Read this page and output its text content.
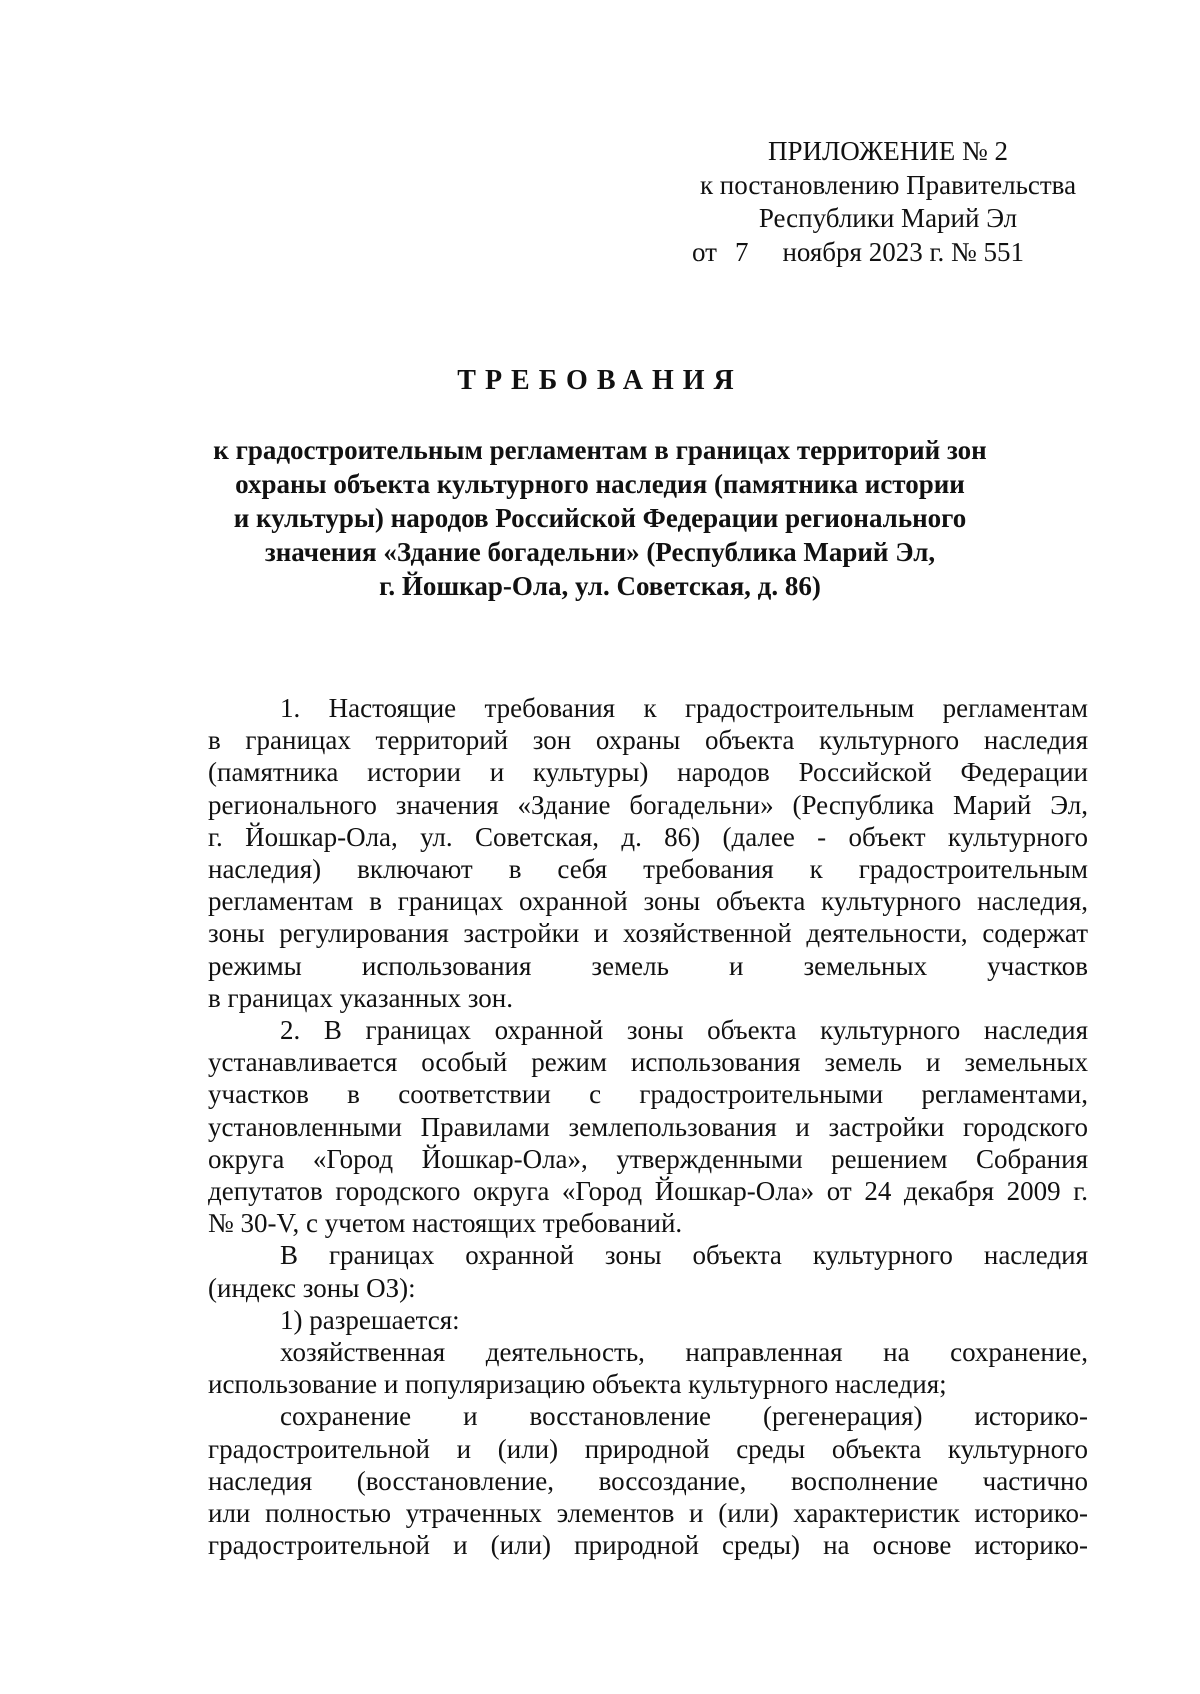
ПРИЛОЖЕНИЕ № 2
к постановлению Правительства
Республики Марий Эл
от 7 ноября 2023 г. № 551
ТРЕБОВАНИЯ
к градостроительным регламентам в границах территорий зон
охраны объекта культурного наследия (памятника истории
и культуры) народов Российской Федерации регионального
значения «Здание богадельни» (Республика Марий Эл,
г. Йошкар-Ола, ул. Советская, д. 86)
1. Настоящие требования к градостроительным регламентам
в границах территорий зон охраны объекта культурного наследия
(памятника истории и культуры) народов Российской Федерации
регионального значения «Здание богадельни» (Республика Марий Эл,
г. Йошкар-Ола, ул. Советская, д. 86) (далее - объект культурного
наследия) включают в себя требования к градостроительным
регламентам в границах охранной зоны объекта культурного наследия,
зоны регулирования застройки и хозяйственной деятельности, содержат
режимы использования земель и земельных участков
в границах указанных зон.
2. В границах охранной зоны объекта культурного наследия
устанавливается особый режим использования земель и земельных
участков в соответствии с градостроительными регламентами,
установленными Правилами землепользования и застройки городского
округа «Город Йошкар-Ола», утвержденными решением Собрания
депутатов городского округа «Город Йошкар-Ола» от 24 декабря 2009 г.
№ 30-V, с учетом настоящих требований.
В границах охранной зоны объекта культурного наследия
(индекс зоны ОЗ):
1) разрешается:
хозяйственная деятельность, направленная на сохранение,
использование и популяризацию объекта культурного наследия;
сохранение и восстановление (регенерация) историко-
градостроительной и (или) природной среды объекта культурного
наследия (восстановление, воссоздание, восполнение частично
или полностью утраченных элементов и (или) характеристик историко-
градостроительной и (или) природной среды) на основе историко-
